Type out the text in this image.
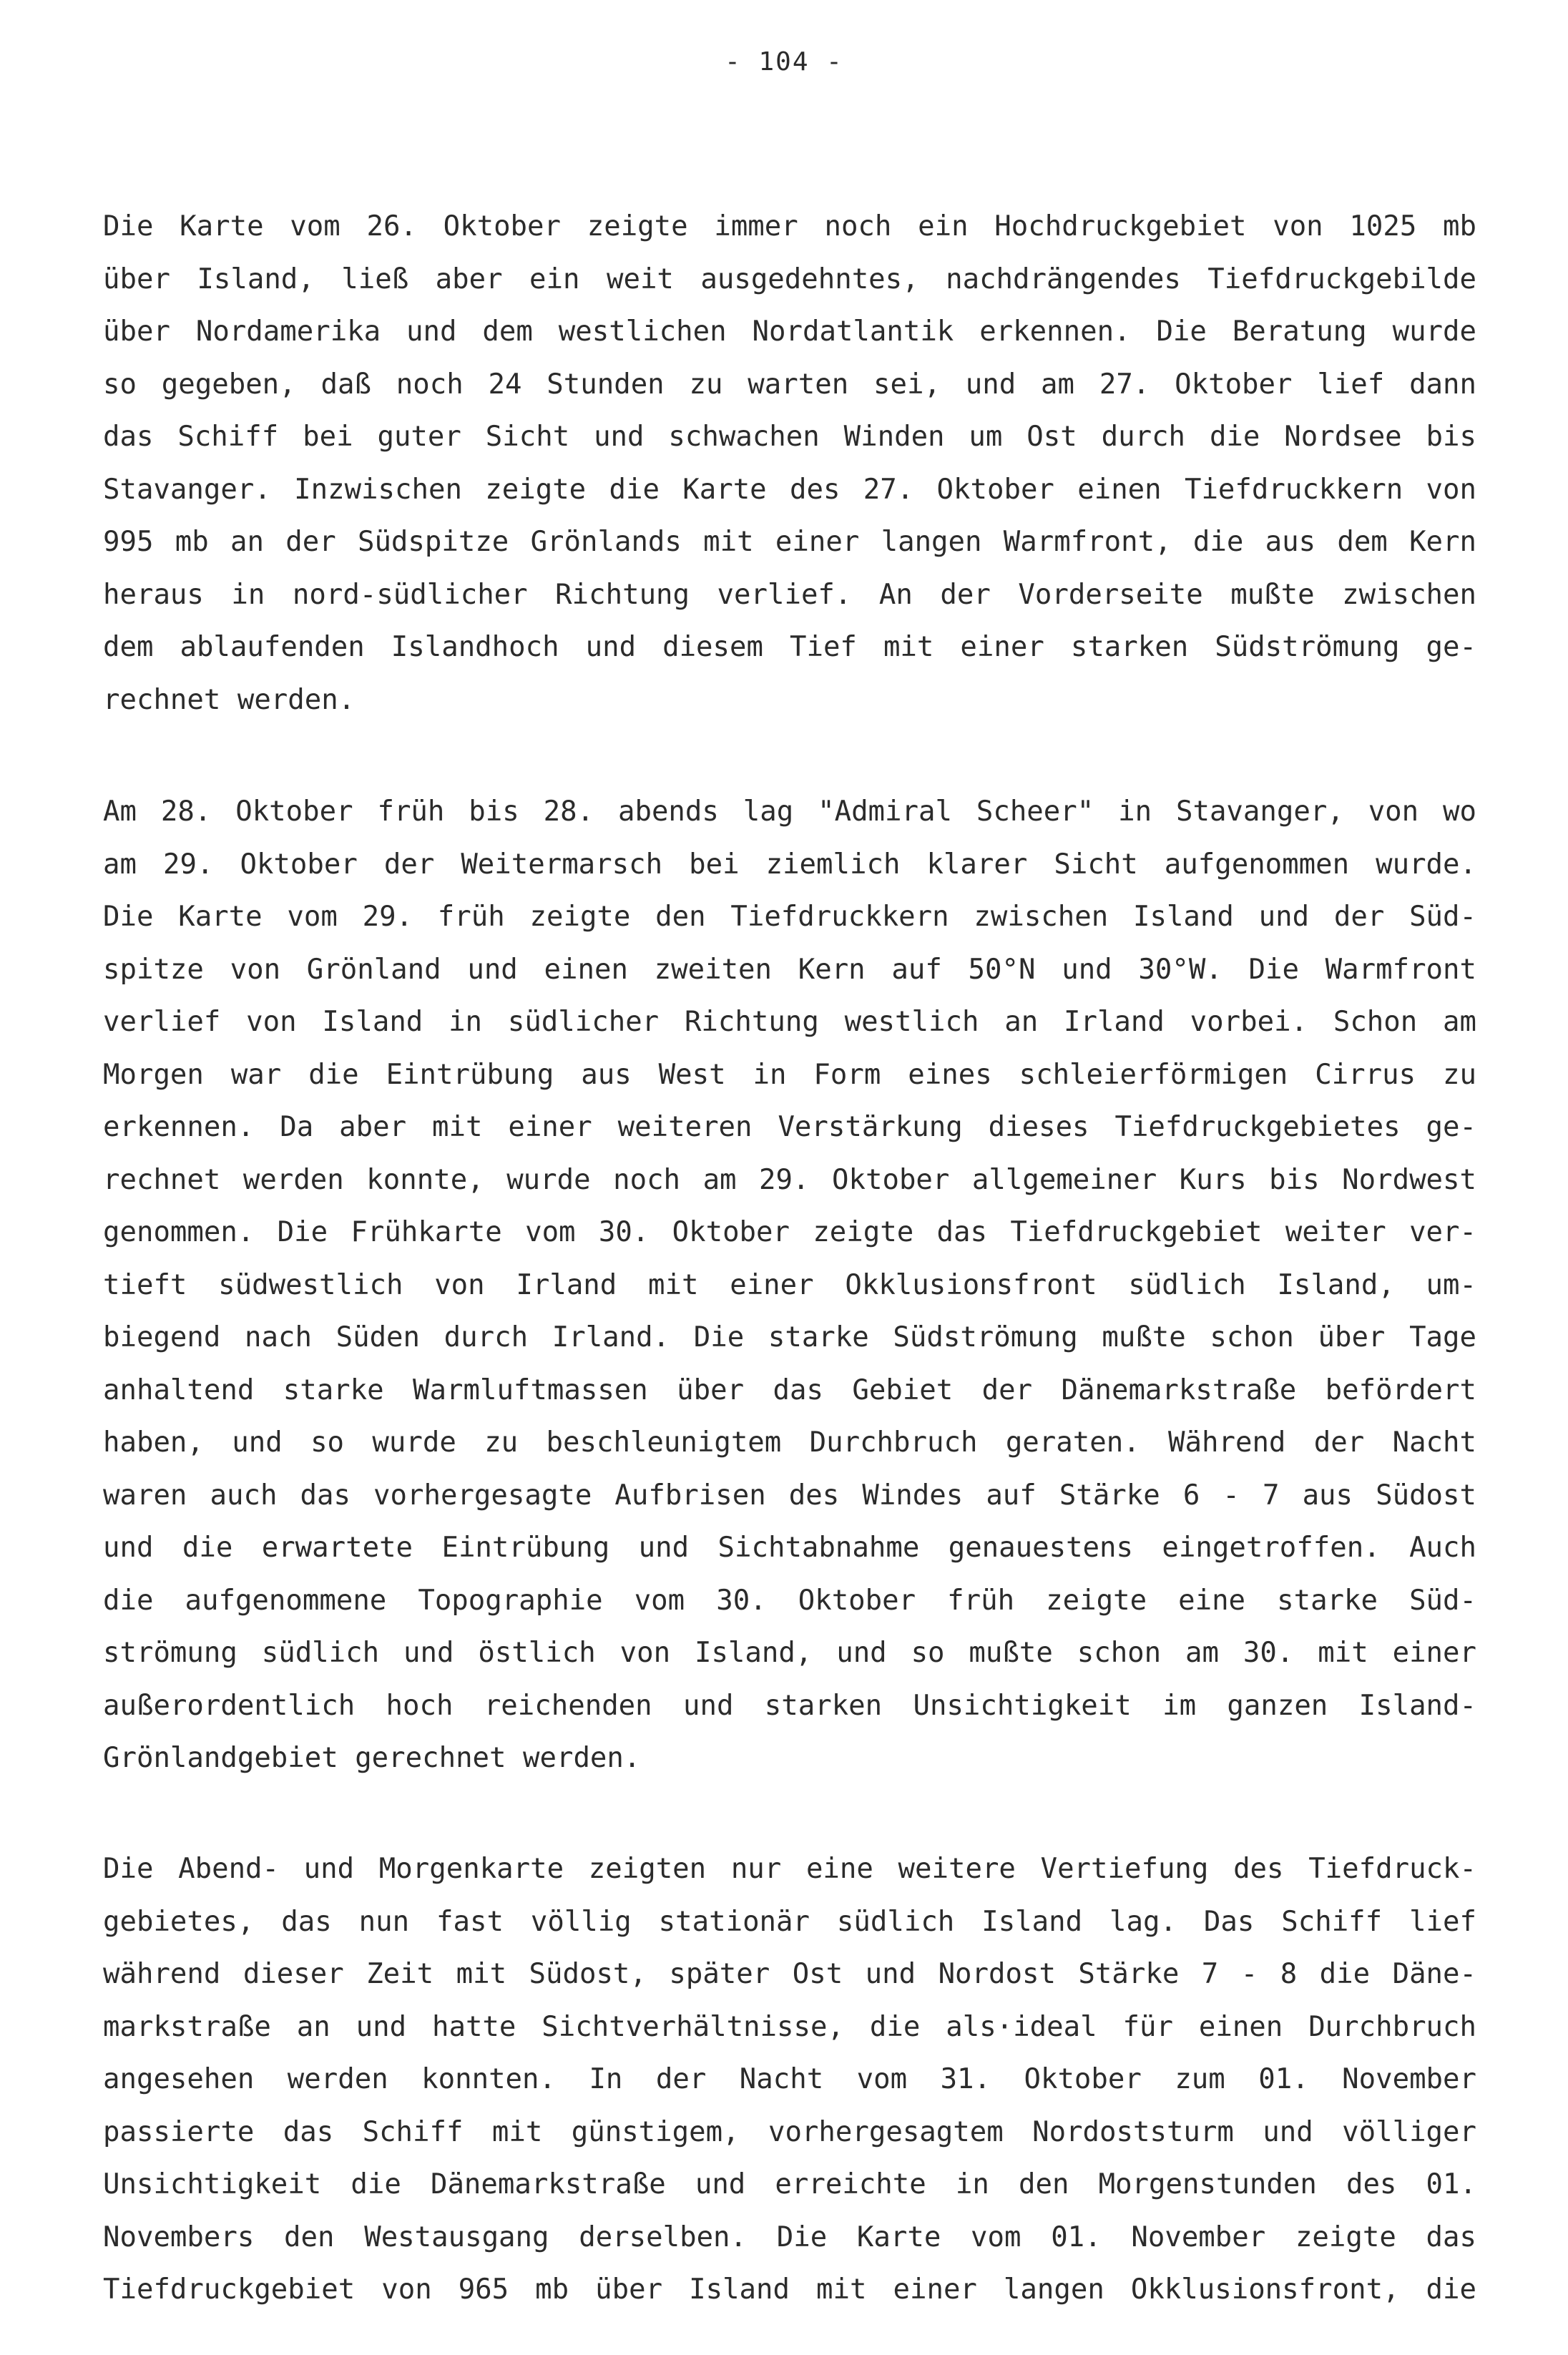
- 104 -
Die Karte vom 26. Oktober zeigte immer noch ein Hochdruckgebiet von 1025 mb
über Island, ließ aber ein weit ausgedehntes, nachdrängendes Tiefdruckgebilde
über Nordamerika und dem westlichen Nordatlantik erkennen. Die Beratung wurde
so gegeben, daß noch 24 Stunden zu warten sei, und am 27. Oktober lief dann
das Schiff bei guter Sicht und schwachen Winden um Ost durch die Nordsee bis
Stavanger. Inzwischen zeigte die Karte des 27. Oktober einen Tiefdruckkern von
995 mb an der Südspitze Grönlands mit einer langen Warmfront, die aus dem Kern
heraus in nord-südlicher Richtung verlief. An der Vorderseite mußte zwischen
dem ablaufenden Islandhoch und diesem Tief mit einer starken Südströmung ge-
rechnet werden.
Am 28. Oktober früh bis 28. abends lag "Admiral Scheer" in Stavanger, von wo
am 29. Oktober der Weitermarsch bei ziemlich klarer Sicht aufgenommen wurde.
Die Karte vom 29. früh zeigte den Tiefdruckkern zwischen Island und der Süd-
spitze von Grönland und einen zweiten Kern auf 50°N und 30°W. Die Warmfront
verlief von Island in südlicher Richtung westlich an Irland vorbei. Schon am
Morgen war die Eintrübung aus West in Form eines schleierförmigen Cirrus zu
erkennen. Da aber mit einer weiteren Verstärkung dieses Tiefdruckgebietes ge-
rechnet werden konnte, wurde noch am 29. Oktober allgemeiner Kurs bis Nordwest
genommen. Die Frühkarte vom 30. Oktober zeigte das Tiefdruckgebiet weiter ver-
tieft südwestlich von Irland mit einer Okklusionsfront südlich Island, um-
biegend nach Süden durch Irland. Die starke Südströmung mußte schon über Tage
anhaltend starke Warmluftmassen über das Gebiet der Dänemarkstraße befördert
haben, und so wurde zu beschleunigtem Durchbruch geraten. Während der Nacht
waren auch das vorhergesagte Aufbrisen des Windes auf Stärke 6 - 7 aus Südost
und die erwartete Eintrübung und Sichtabnahme genauestens eingetroffen. Auch
die aufgenommene Topographie vom 30. Oktober früh zeigte eine starke Süd-
strömung südlich und östlich von Island, und so mußte schon am 30. mit einer
außerordentlich hoch reichenden und starken Unsichtigkeit im ganzen Island-
Grönlandgebiet gerechnet werden.
Die Abend- und Morgenkarte zeigten nur eine weitere Vertiefung des Tiefdruck-
gebietes, das nun fast völlig stationär südlich Island lag. Das Schiff lief
während dieser Zeit mit Südost, später Ost und Nordost Stärke 7 - 8 die Däne-
markstraße an und hatte Sichtverhältnisse, die als·ideal für einen Durchbruch
angesehen werden konnten. In der Nacht vom 31. Oktober zum 01. November
passierte das Schiff mit günstigem, vorhergesagtem Nordoststurm und völliger
Unsichtigkeit die Dänemarkstraße und erreichte in den Morgenstunden des 01.
Novembers den Westausgang derselben. Die Karte vom 01. November zeigte das
Tiefdruckgebiet von 965 mb über Island mit einer langen Okklusionsfront, die
